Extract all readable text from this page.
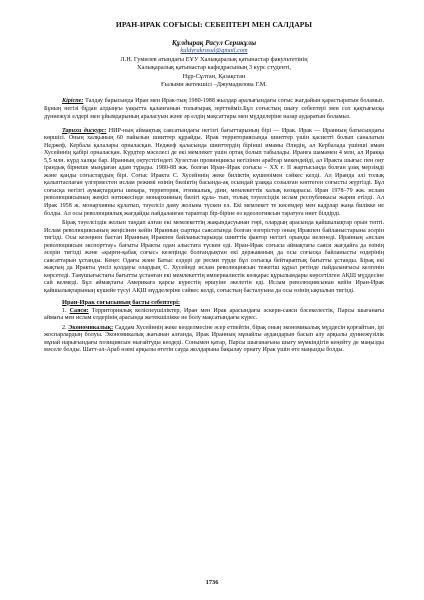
ИРАН-ИРАК СОҒЫСЫ: СЕБЕПТЕРІ МЕН САЛДАРЫ
Құлдырақ Расул Серикұлы
kuldyrakrasul@gmail.com
Л.Н. Гумилев атындағы ЕҰУ Халықаралық қатынастар факультетінің
Халықаралық қатынастар кафедрасының 3 курс студенті,
Нұр-Сұлтан, Қазақстан
Ғылыми жетекшісі –Джумадилова Г.М.
Кіріспе: Талдау барысында Иран мен Ирак-тың 1980-1988 жылдар аралығындағы соғыс жағдайын қарастыратын боламыз. Бұның негізі бұдан алдыңғы уақытта қаланғанын толығырақ зерттейміз.Бұл соғыстың шығу себептері мен сол қақтығысқа дүниежүзі елдері мен ұйымдарының араласуын және әр елдің мақсаттары мен мүдделеріне назар аударатын боламыз.
Тарихи дискурс: НИР-ның аймақтық саясатындағы негізгі бағыттарының бірі — Ирак. Ирак — Иранның батысындағы көршісі. Оның халқының 60 пайызын шииттер құрайды. Ирак территориясында шииттер үшін қасиетті болып саналатын Неджеф, Кербала қалалары орналасқан. Неджеф қаласында шииттердің бірінші имамы Әлидің, ал Кербалада үшінші имам Хусейннің қабірі орналасқан. Күрдтер мәселесі де екі мемлекет үшін ортақ болып табылады. Иранға шамамен 4 млн, ал Иракқа 5,5 млн. күрд халқы бар. Иранның оңтүстігіндегі Хузестан провинциясы негізінен арабтар мекендейді, ал Иракта шығыс пен оңт ірандық бірнеше мыңдаған адам тұрады. 1980-88 жж. болған Иран–Ирак соғысы – XX ғ. II жартысында болған ұзақ мерзімді және қанды соғыстардың бірі. Соғыс Иракта С. Хусейннің жеке биліктің күшеюімен сәйкес келді. Ал Иранда әлі толық қалыптаспаған үлгерместен ислам режимі өзінің биліктің басында-ақ осындай ұзаққа созылған көптеген соғысты жүргізді. Бұл соғысқа негізгі аумақтардағы шекара, территория, этникалық, діни, мемлекеттік халық көзқарасы. Иран 1978–79 жж. ислам революциясының жеңісі нәтижесінде монархияның билігі құла- тып, толық тәуелсіздік ислам республикасы жария етілді. Ал Ирак 1958 ж. монархияны құлатып, тәуелсіз даму жолына түскен ел. Екі мемлекет те көсемдер мен кадрлар жаңа билікке ие болды. Ал осы революциялық жағдайды пайдаланған тараптар бір-біріне өз идеологиясын таратуға ниет білдірді.
Бірақ тәуелсіздік жолын таңдап алған екі мемлекеттің жақындасуынан гөрі, олардың арасында қайшылықтар орын тепті. Ислам революциясының жеңісінен кейін Иранның сыртқы саясатында болған өзгерістер оның Иракпен байланыстарына әсерін тигізді. Осы кезеңнен бастап Иранның Иракпен байланыстарында шииттік фактор негізгі орынды иеленеді. Иранның «ислам революциясын экспорттау» бағыты Иракты одан алыстата түскен еді. Иран-Ирак соғысы аймақтағы саяси жағдайға да өзінің әсерін тигізді және «қырғи-қабақ соғыс» кезеңінде болғандықтан екі державаның да осы соғысқа байланысты өздерінің саясаттарын ұстанды. Кеңес Одағы және Батыс елдері де ресми түрде бұл соғысқа бейтараптық бағытты ұстанды. Бірақ екі жақтың да Иракты үнсіз қолдауы олардың С. Хусейнді ислам революциясын тежегіш құрал ретінде пайдаланғысы келгенін көрсетеді. Таяушығыстағы бағытты ұстанған екі мемлекеттің империалистік көзқарас құрылымдары көрсетілген АҚШ мүддесіне сай келмеді. Бұл аймақтағы Америкаға қарсы күрестің өршуіне әкелетін еді. Ислам революциясынан кейін Иран-Ирак қайшылықтарының күшейе түсуі АҚШ мүдделеріне сәйкес келді, соғыстың басталуына да осы өзінің ықпалын тигізді.
Иран-Ирак соғысының басты себептері:
1. Саяси: Территориялық келіспеушіліктер, Иран мен Ирак арасындағы әскери-саяси бәсекелестік, Парсы шығанағы аймағы мен ислам елдерінің арасында жетекшілікке не болу мақсатындағы күрес.
2. Экономикалық: Саддам Хусейннің жеке көзделмесіне әсер етпейтін, бірақ оның экономикалық мүддесін қорғайтын, ірі жоспарлардың болуы. Экономикалық жағынан алғанда, Ирак Иранның мұнайлы аудандарын басып алу арқылы дүниежүзілік мұнай нарығындағы позициясын нығайтуды көздеді. Сонымен қатар, Парсы шығанағына шығу мүмкіндігін кеңейту де маңызды мәселе болды. Шатт-әл-Араб өзені арқылы өтетін сауда жолдарына бақылау орнату Ирак үшін өте маңызды болды.
1736
